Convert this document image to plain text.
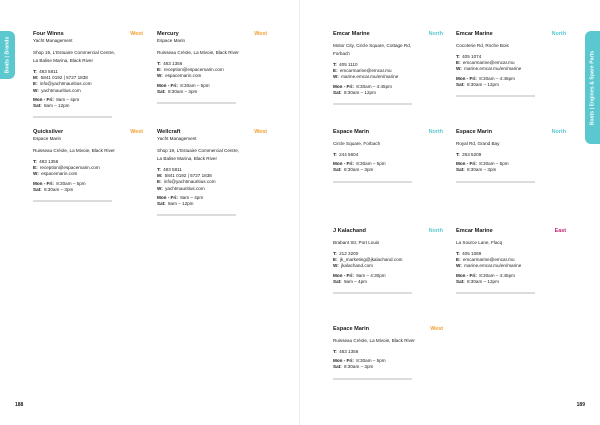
Boats | Brands	Boats | Engines & Spare Parts
Four Winns	West
Yacht Management
Shop 19, L'Estuaire Commercial Centre,
La Balise Marina, Black River
T: 483 5811
M: 5841 0192 | 5727 1838
E: info@yachtmauritius.com
W: yachtmauritius.com
Mon - Fri: 8am – 4pm
Sat: 8am – 12pm
Mercury	West
Espace Marin
Ruisseau Créole, La Mivoie, Black River
T: 483 1356
E: reception@espacemarin.com
W: espacemarin.com
Mon - Fri: 8:30am – 5pm
Sat: 8:30am – 3pm
Quicksilver	West
Espace Marin
Ruisseau Créole, La Mivoie, Black River
T: 483 1356
E: reception@espacemarin.com
W: espacemarin.com
Mon - Fri: 8:30am – 5pm
Sat: 8:30am – 3pm
Wellcraft	West
Yacht Management
Shop 19, L'Estuaire Commercial Centre,
La Balise Marina, Black River
T: 483 5811
M: 5841 0192 | 5727 1838
E: info@yachtmauritius.com
W: yachtmauritius.com
Mon - Fri: 8am – 4pm
Sat: 8am – 12pm
Emcar Marine	North
Motor City, Circle Square, Cottage Rd,
Forbach
T: 405 1110
E: emcarmarine@emcar.mu
W: marine.emcar.mu/en/marine
Mon - Fri: 8:30am – 4:45pm
Sat: 8:30am – 12pm
Emcar Marine	North
Cocoterie Rd, Roche Bois
T: 405 1074
E: emcarmarine@emcar.mu
W: marine.emcar.mu/en/marine
Mon - Fri: 8:30am – 4:45pm
Sat: 8:30am – 12pm
Espace Marin	North
Circle Square, Forbach
T: 244 5604
Mon - Fri: 8:30am – 5pm
Sat: 8:30am – 3pm
Espace Marin	North
Royal Rd, Grand Bay
T: 263 5209
Mon - Fri: 8:30am – 5pm
Sat: 8:30am – 3pm
J Kalachand	North
Brabant Str, Port Louis
T: 212 3200
E: jk_marketing@jkalachand.com
W: jkalachand.com
Mon - Fri: 9am – 4:30pm
Sat: 9am – 4pm
Emcar Marine	East
La Source Lane, Flacq
T: 405 1089
E: emcarmarine@emcar.mu
W: marine.emcar.mu/en/marine
Mon - Fri: 8:30am – 4:45pm
Sat: 8:30am – 12pm
Espace Marin	West
Ruisseau Créole, La Mivoie, Black River
T: 483 1356
Mon - Fri: 8:30am – 5pm
Sat: 8:30am – 3pm
188	189
